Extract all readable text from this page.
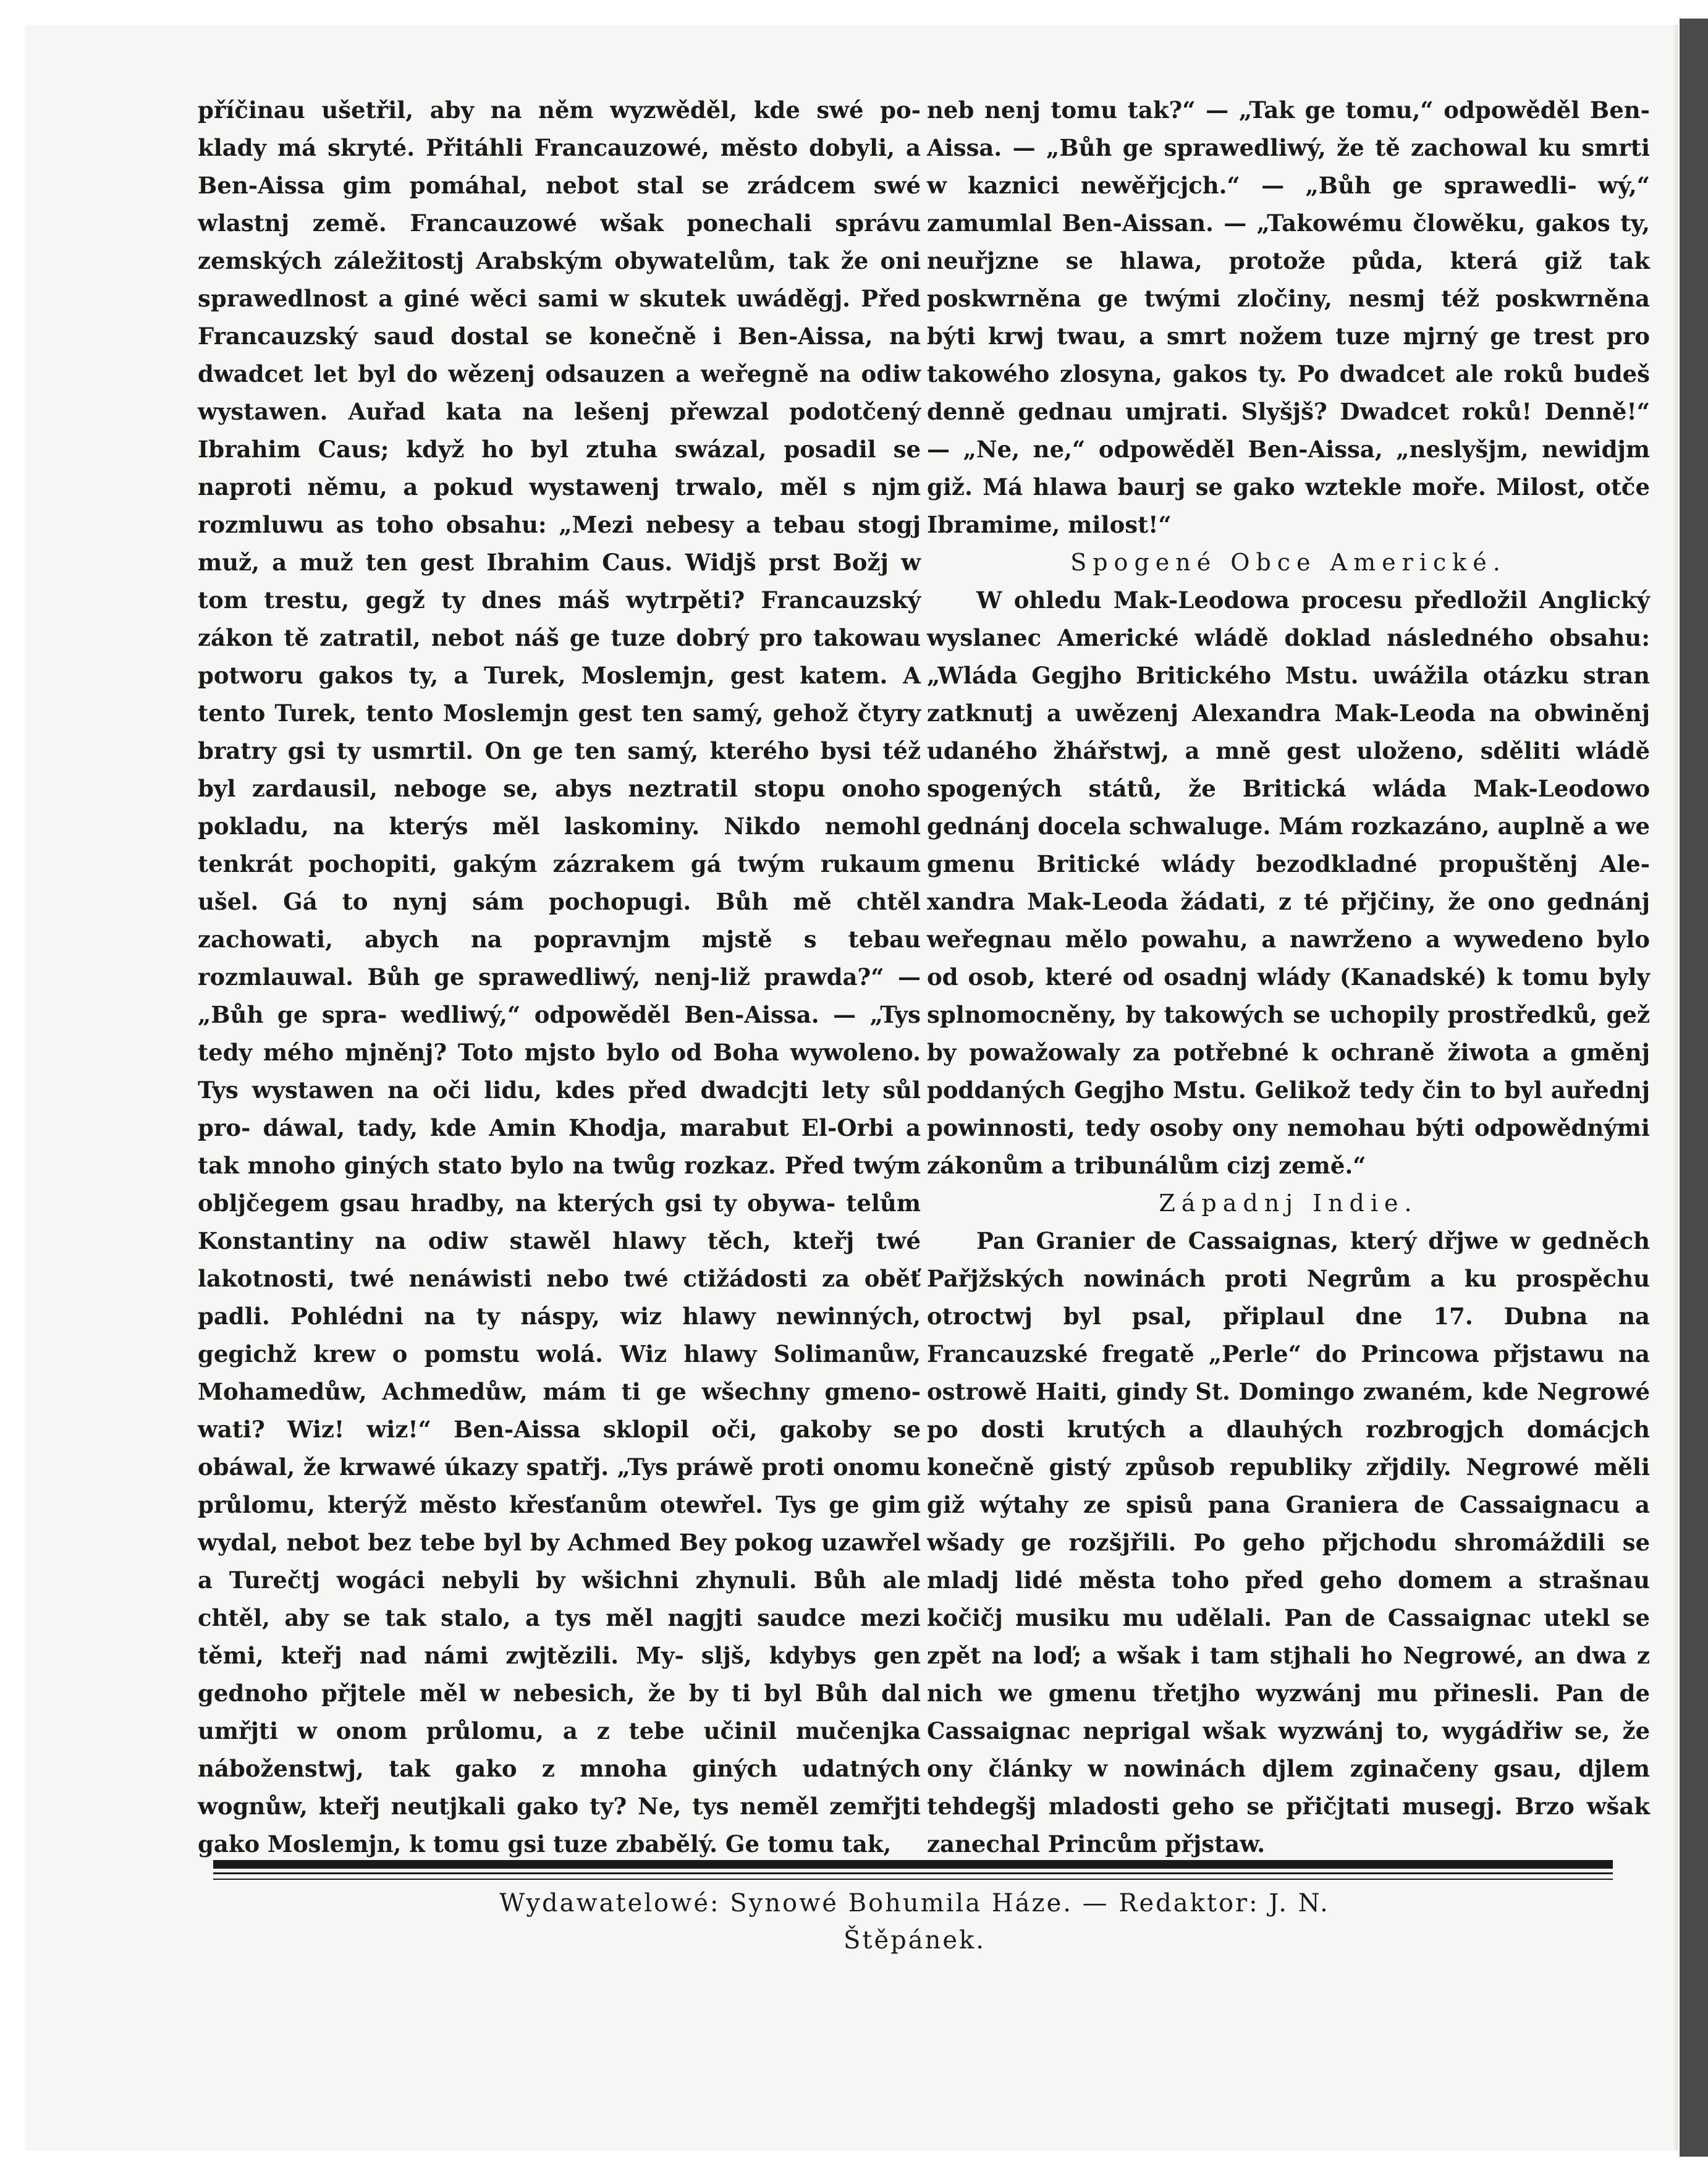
příčinau ušetřil, aby na něm wyzwěděl, kde swé po- klady má skryté. Přitáhli Francauzowé, město dobyli, a Ben-Aissa gim pomáhal, nebot stal se zrádcem swé wlastnj země. Francauzowé wšak ponechali správu zemských záležitostj Arabským obywatelům, tak že oni sprawedlnost a giné wěci sami w skutek uwáděgj. Před Francauzský saud dostal se konečně i Ben-Aissa, na dwadcet let byl do wězenj odsauzen a weřegně na odiw wystawen. Auřad kata na lešenj přewzal podotčený Ibrahim Caus; když ho byl ztuha swázal, posadil se naproti němu, a pokud wystawenj trwalo, měl s njm rozmluwu as toho obsahu: „Mezi nebesy a tebau stogj muž, a muž ten gest Ibrahim Caus. Widjš prst Božj w tom trestu, gegž ty dnes máš wytrpěti? Francauzský zákon tě zatratil, nebot náš ge tuze dobrý pro takowau potworu gakos ty, a Turek, Moslemjn, gest katem. A tento Turek, tento Moslemjn gest ten samý, gehož čtyry bratry gsi ty usmrtil. On ge ten samý, kterého bysi též byl zardausil, neboge se, abys neztratil stopu onoho pokladu, na kterýs měl laskominy. Nikdo nemohl tenkrát pochopiti, gakým zázrakem gá twým rukaum ušel. Gá to nynj sám pochopugi. Bůh mě chtěl zachowati, abych na popravnjm mjstě s tebau rozmlauwal. Bůh ge sprawedliwý, nenj-liž prawda?“ — „Bůh ge spra- wedliwý,“ odpowěděl Ben-Aissa. — „Tys tedy mého mjněnj? Toto mjsto bylo od Boha wywoleno. Tys wystawen na oči lidu, kdes před dwadcjti lety sůl pro- dáwal, tady, kde Amin Khodja, marabut El-Orbi a tak mnoho giných stato bylo na twůg rozkaz. Před twým obljčegem gsau hradby, na kterých gsi ty obywa- telům Konstantiny na odiw stawěl hlawy těch, kteřj twé lakotnosti, twé nenáwisti nebo twé ctižádosti za oběť padli. Pohlédni na ty náspy, wiz hlawy newinných, gegichž krew o pomstu wolá. Wiz hlawy Solimanůw, Mohamedůw, Achmedůw, mám ti ge wšechny gmeno- wati? Wiz! wiz!“ Ben-Aissa sklopil oči, gakoby se obáwal, že krwawé úkazy spatřj. „Tys práwě proti onomu průlomu, kterýž město křesťanům otewřel. Tys ge gim wydal, nebot bez tebe byl by Achmed Bey pokog uzawřel a Turečtj wogáci nebyli by wšichni zhynuli. Bůh ale chtěl, aby se tak stalo, a tys měl nagjti saudce mezi těmi, kteřj nad námi zwjtězili. My- sljš, kdybys gen gednoho přjtele měl w nebesich, že by ti byl Bůh dal umřjti w onom průlomu, a z tebe učinil mučenjka náboženstwj, tak gako z mnoha giných udatných wognůw, kteřj neutjkali gako ty? Ne, tys neměl zemřjti gako Moslemjn, k tomu gsi tuze zbabělý. Ge tomu tak,

neb nenj tomu tak?“ — „Tak ge tomu,“ odpowěděl Ben-Aissa. — „Bůh ge sprawedliwý, že tě zachowal ku smrti w kaznici newěřjcjch.“ — „Bůh ge sprawedli- wý,“ zamumlal Ben-Aissan. — „Takowému člowěku, gakos ty, neuřjzne se hlawa, protože půda, která giž tak poskwrněna ge twými zločiny, nesmj též poskwrněna býti krwj twau, a smrt nožem tuze mjrný ge trest pro takowého zlosyna, gakos ty. Po dwadcet ale roků budeš denně gednau umjrati. Slyšjš? Dwadcet roků! Denně!“ — „Ne, ne,“ odpowěděl Ben-Aissa, „neslyšjm, newidjm giž. Má hlawa baurj se gako wztekle moře. Milost, otče Ibramime, milost!“

Spogené Obce Americké.

W ohledu Mak-Leodowa procesu předložil Anglický wyslanec Americké wládě doklad následného obsahu: „Wláda Gegjho Britického Mstu. uwážila otázku stran zatknutj a uwězenj Alexandra Mak-Leoda na obwiněnj udaného žhářstwj, a mně gest uloženo, sděliti wládě spogených států, že Britická wláda Mak-Leodowo gednánj docela schwaluge. Mám rozkazáno, auplně a we gmenu Britické wlády bezodkladné propuštěnj Ale- xandra Mak-Leoda žádati, z té přjčiny, že ono gednánj weřegnau mělo powahu, a nawrženo a wywedeno bylo od osob, které od osadnj wlády (Kanadské) k tomu byly splnomocněny, by takowých se uchopily prostředků, gež by powažowaly za potřebné k ochraně žiwota a gměnj poddaných Gegjho Mstu. Gelikož tedy čin to byl auřednj powinnosti, tedy osoby ony nemohau býti odpowědnými zákonům a tribunálům cizj země.“

Západnj Indie.

Pan Granier de Cassaignas, který dřjwe w gedněch Pařjžských nowinách proti Negrům a ku prospěchu otroctwj byl psal, připlaul dne 17. Dubna na Francauzské fregatě „Perle“ do Princowa přjstawu na ostrowě Haiti, gindy St. Domingo zwaném, kde Negrowé po dosti krutých a dlauhých rozbrogjch domácjch konečně gistý způsob republiky zřjdily. Negrowé měli giž wýtahy ze spisů pana Graniera de Cassaignacu a wšady ge rozšjřili. Po geho přjchodu shromáždili se mladj lidé města toho před geho domem a strašnau kočičj musiku mu udělali. Pan de Cassaignac utekl se zpět na loď; a wšak i tam stjhali ho Negrowé, an dwa z nich we gmenu třetjho wyzwánj mu přinesli. Pan de Cassaignac neprigal wšak wyzwánj to, wygádřiw se, že ony články w nowinách djlem zginačeny gsau, djlem tehdegšj mladosti geho se přičjtati musegj. Brzo wšak zanechal Princům přjstaw.

Wydawatelowé: Synowé Bohumila Háze. — Redaktor: J. N. Štěpánek.
